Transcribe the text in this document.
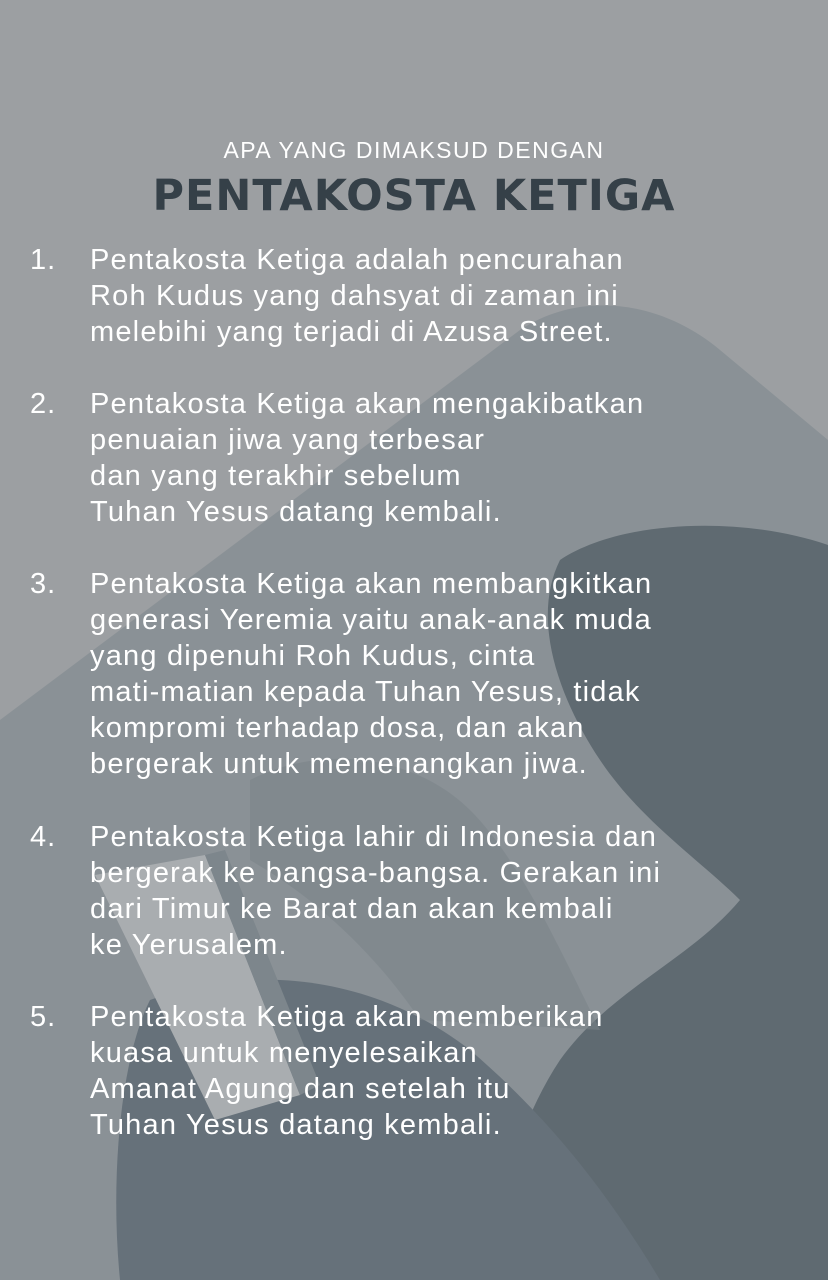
APA YANG DIMAKSUD DENGAN
PENTAKOSTA KETIGA
1. Pentakosta Ketiga adalah pencurahan
Roh Kudus yang dahsyat di zaman ini
melebihi yang terjadi di Azusa Street.
2. Pentakosta Ketiga akan mengakibatkan
penuaian jiwa yang terbesar
dan yang terakhir sebelum
Tuhan Yesus datang kembali.
3. Pentakosta Ketiga akan membangkitkan
generasi Yeremia yaitu anak-anak muda
yang dipenuhi Roh Kudus, cinta
mati-matian kepada Tuhan Yesus, tidak
kompromi terhadap dosa, dan akan
bergerak untuk memenangkan jiwa.
4. Pentakosta Ketiga lahir di Indonesia dan
bergerak ke bangsa-bangsa. Gerakan ini
dari Timur ke Barat dan akan kembali
ke Yerusalem.
5. Pentakosta Ketiga akan memberikan
kuasa untuk menyelesaikan
Amanat Agung dan setelah itu
Tuhan Yesus datang kembali.
